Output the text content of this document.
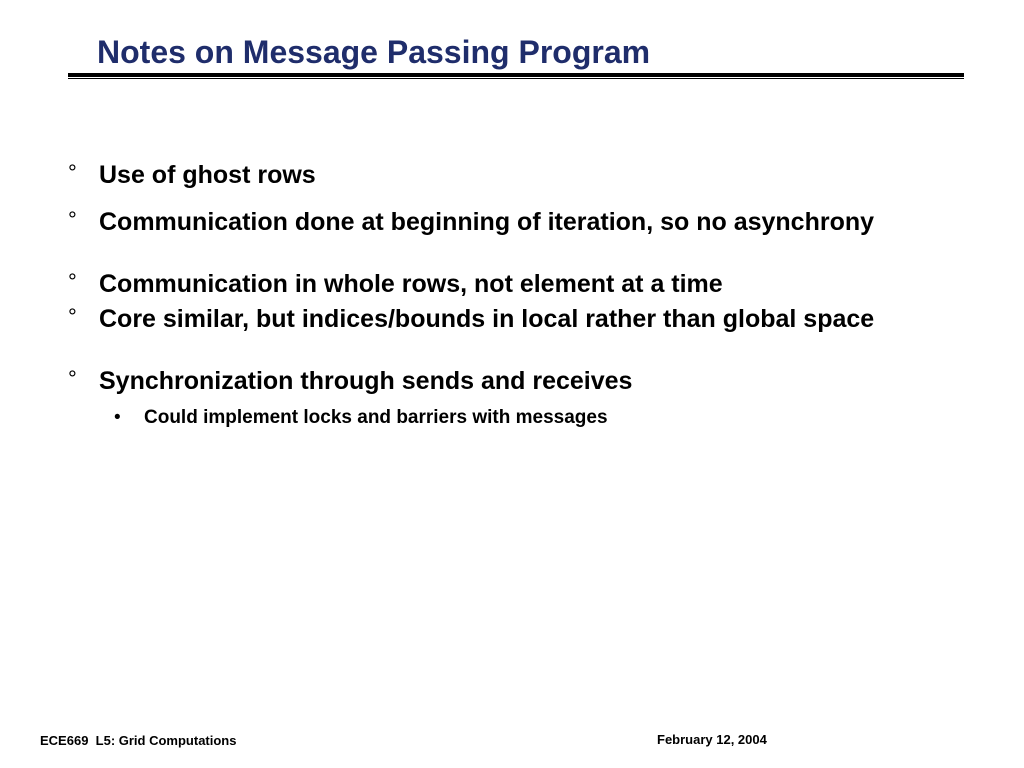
Notes on Message Passing Program
° Use of ghost rows
° Communication done at beginning of iteration, so no asynchrony
° Communication in whole rows, not element at a time
° Core similar, but indices/bounds in local rather than global space
° Synchronization through sends and receives
•	Could implement locks and barriers with messages
ECE669  L5: Grid Computations	February 12, 2004
